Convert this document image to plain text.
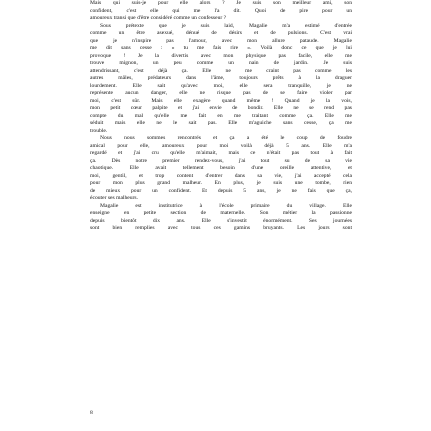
Mais qui suis-je pour elle alors ? Je suis son meilleur ami, son
confident, c'est elle qui me l'a dit. Quoi de pire pour un
amoureux transi que d'être considéré comme un confesseur ?
Sous prétexte que je suis laid, Magalie m'a estimé d'entrée
comme un être asexué, dénué de désirs et de pulsions. C'est vrai
que je n'inspire pas l'amour, avec mon allure pataude. Magalie
me dit sans cesse : « tu me fais rire ». Voilà donc ce que je lui
provoque ! Je la divertis avec mon physique pas facile, elle me
trouve mignon, un peu comme un nain de jardin. Je suis
attendrissant, c'est déjà ça. Elle ne me craint pas comme les
autres mâles, prédateurs dans l'âme, toujours prêts à la draguer
lourdement. Elle sait qu'avec moi, elle sera tranquille, je ne
représente aucun danger, elle ne risque pas de se faire violer par
moi, c'est sûr. Mais elle exagère quand même ! Quand je la vois,
mon petit cœur palpite et j'ai envie de bondir. Elle ne se rend pas
compte du mal qu'elle me fait en me traitant comme ça. Elle me
séduit mais elle ne le sait pas. Elle m'aguiche sans cesse, ça me
trouble.
Nous nous sommes rencontrés et ça a été le coup de foudre
amical pour elle, amoureux pour moi voilà déjà 5 ans. Elle m'a
regardé et j'ai cru qu'elle m'aimait, mais ce n'était pas tout à fait
ça. Dès notre premier rendez-vous, j'ai tout su de sa vie
chaotique. Elle avait tellement besoin d'une oreille attentive, et
moi, gentil, et trop content d'entrer dans sa vie, j'ai accepté cela
pour mon plus grand malheur. En plus, je suis une tombe, rien
de mieux pour un confident. Et depuis 5 ans, je ne fais que ça,
écouter ses malheurs.
Magalie est institutrice à l'école primaire du village. Elle
enseigne en petite section de maternelle. Son métier la passionne
depuis bientôt dix ans. Elle s'investit énormément. Ses journées
sont bien remplies avec tous ces gamins bruyants. Les jours sont
8
